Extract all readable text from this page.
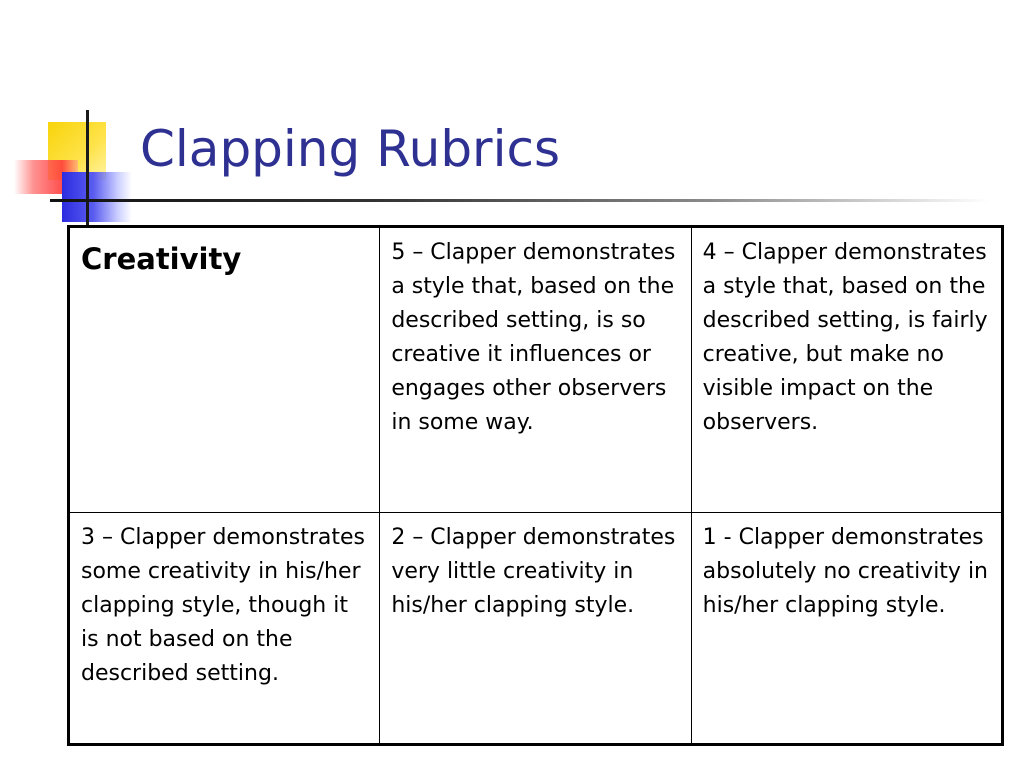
Clapping Rubrics
Creativity	5 – Clapper demonstrates a style that, based on the described setting, is so creative it influences or engages other observers in some way.	4 – Clapper demonstrates a style that, based on the described setting, is fairly creative, but make no visible impact on the observers.
3 – Clapper demonstrates some creativity in his/her clapping style, though it is not based on the described setting.	2 – Clapper demonstrates very little creativity in his/her clapping style.	1 - Clapper demonstrates absolutely no creativity in his/her clapping style.
